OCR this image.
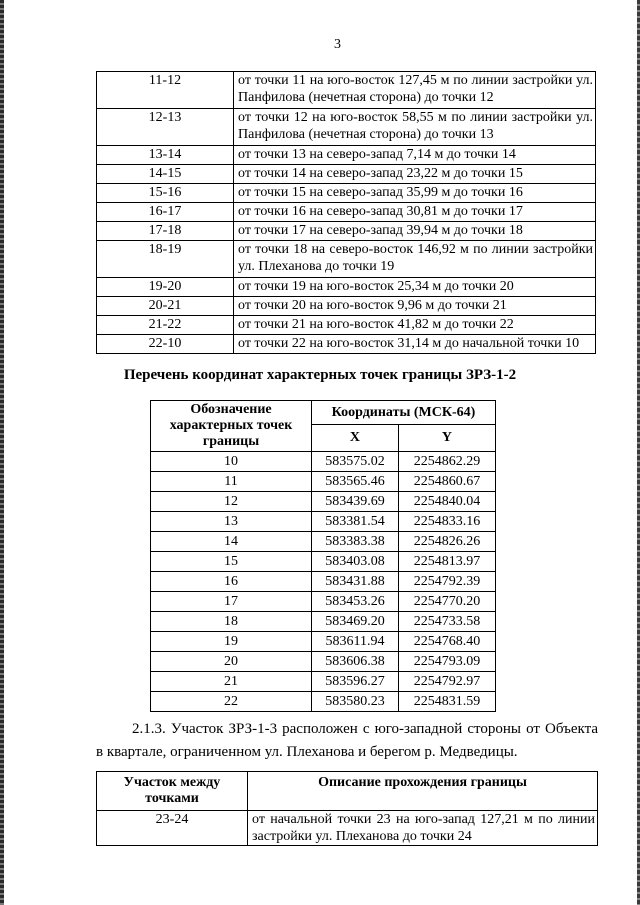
3
11-12	от точки 11 на юго-восток 127,45 м по линии застройки ул. Панфилова (нечетная сторона) до точки 12
12-13	от точки 12 на юго-восток 58,55 м по линии застройки ул. Панфилова (нечетная сторона) до точки 13
13-14	от точки 13 на северо-запад 7,14 м до точки 14
14-15	от точки 14 на северо-запад 23,22 м до точки 15
15-16	от точки 15 на северо-запад 35,99 м до точки 16
16-17	от точки 16 на северо-запад 30,81 м до точки 17
17-18	от точки 17 на северо-запад 39,94 м до точки 18
18-19	от точки 18 на северо-восток 146,92 м по линии застройки ул. Плеханова до точки 19
19-20	от точки 19 на юго-восток 25,34 м до точки 20
20-21	от точки 20 на юго-восток 9,96 м до точки 21
21-22	от точки 21 на юго-восток 41,82 м до точки 22
22-10	от точки 22 на юго-восток 31,14 м до начальной точки 10
Перечень координат характерных точек границы ЗРЗ-1-2
Обозначение характерных точек границы	Координаты (МСК-64)	
	X	Y
10	583575.02	2254862.29
11	583565.46	2254860.67
12	583439.69	2254840.04
13	583381.54	2254833.16
14	583383.38	2254826.26
15	583403.08	2254813.97
16	583431.88	2254792.39
17	583453.26	2254770.20
18	583469.20	2254733.58
19	583611.94	2254768.40
20	583606.38	2254793.09
21	583596.27	2254792.97
22	583580.23	2254831.59
2.1.3. Участок ЗРЗ-1-3 расположен с юго-западной стороны от Объекта
в квартале, ограниченном ул. Плеханова и берегом р. Медведицы.
Участок между точками	Описание прохождения границы
23-24	от начальной точки 23 на юго-запад 127,21 м по линии застройки ул. Плеханова до точки 24
